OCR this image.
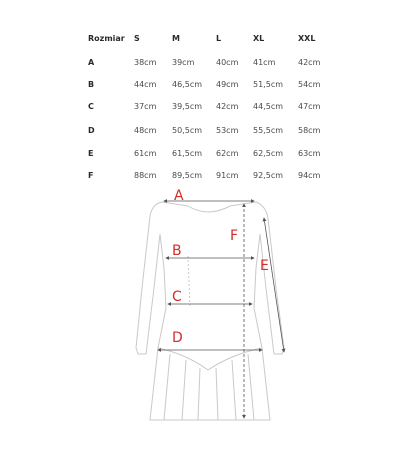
Rozmiar S	M	L	XL	XXL
A	38cm 39cm	40cm 41cm	42cm
B	44cm 46,5cm 49cm 51,5cm 54cm
C	37cm 39,5cm 42cm 44,5cm 47cm
D	48cm 50,5cm 53cm 55,5cm 58cm
E	61cm 61,5cm 62cm 62,5cm 63cm
F	88cm 89,5cm 91cm 92,5cm 94cm
A
B
C
D
E
F
